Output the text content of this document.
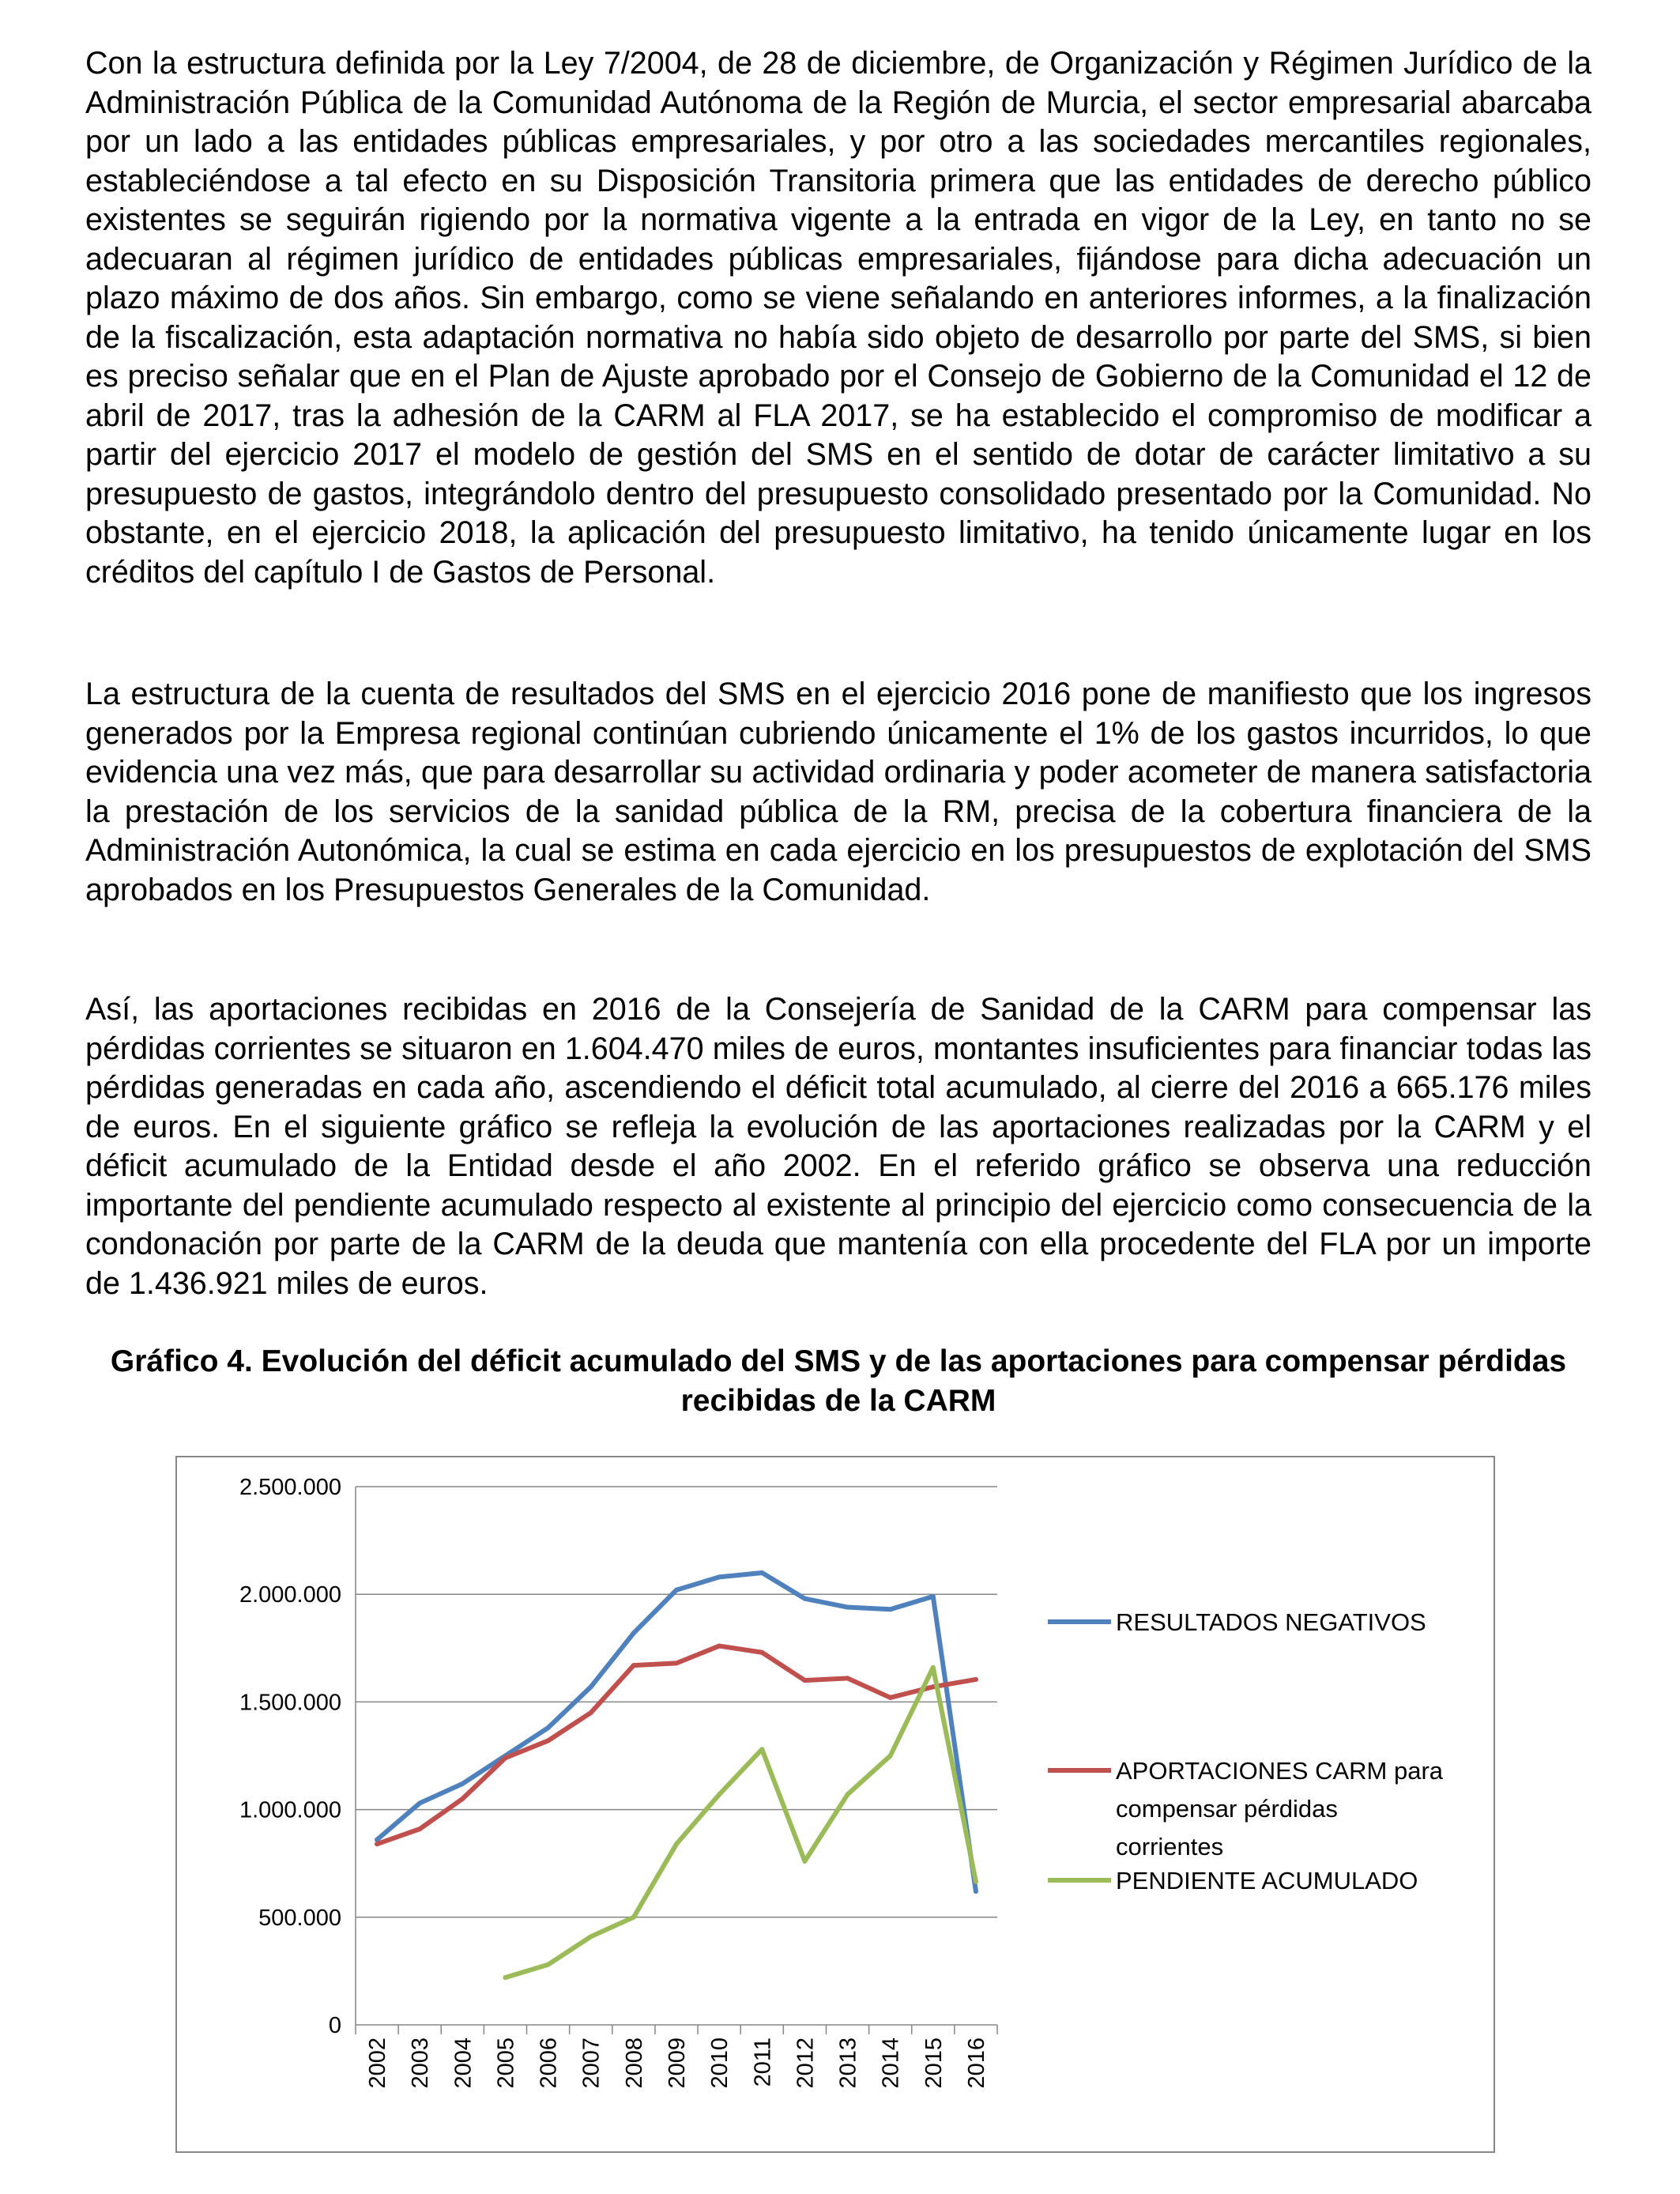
Con la estructura definida por la Ley 7/2004, de 28 de diciembre, de Organización y Régimen Jurídico de la Administración Pública de la Comunidad Autónoma de la Región de Murcia, el sector empresarial abarcaba por un lado a las entidades públicas empresariales, y por otro a las sociedades mercantiles regionales, estableciéndose a tal efecto en su Disposición Transitoria primera que las entidades de derecho público existentes se seguirán rigiendo por la normativa vigente a la entrada en vigor de la Ley, en tanto no se adecuaran al régimen jurídico de entidades públicas empresariales, fijándose para dicha adecuación un plazo máximo de dos años. Sin embargo, como se viene señalando en anteriores informes, a la finalización de la fiscalización, esta adaptación normativa no había sido objeto de desarrollo por parte del SMS, si bien es preciso señalar que en el Plan de Ajuste aprobado por el Consejo de Gobierno de la Comunidad el 12 de abril de 2017, tras la adhesión de la CARM al FLA 2017, se ha establecido el compromiso de modificar a partir del ejercicio 2017 el modelo de gestión del SMS en el sentido de dotar de carácter limitativo a su presupuesto de gastos, integrándolo dentro del presupuesto consolidado presentado por la Comunidad. No obstante, en el ejercicio 2018, la aplicación del presupuesto limitativo, ha tenido únicamente lugar en los créditos del capítulo I de Gastos de Personal.

La estructura de la cuenta de resultados del SMS en el ejercicio 2016 pone de manifiesto que los ingresos generados por la Empresa regional continúan cubriendo únicamente el 1% de los gastos incurridos, lo que evidencia una vez más, que para desarrollar su actividad ordinaria y poder acometer de manera satisfactoria la prestación de los servicios de la sanidad pública de la RM, precisa de la cobertura financiera de la Administración Autonómica, la cual se estima en cada ejercicio en los presupuestos de explotación del SMS aprobados en los Presupuestos Generales de la Comunidad.

Así, las aportaciones recibidas en 2016 de la Consejería de Sanidad de la CARM para compensar las pérdidas corrientes se situaron en 1.604.470 miles de euros, montantes insuficientes para financiar todas las pérdidas generadas en cada año, ascendiendo el déficit total acumulado, al cierre del 2016 a 665.176 miles de euros. En el siguiente gráfico se refleja la evolución de las aportaciones realizadas por la CARM y el déficit acumulado de la Entidad desde el año 2002. En el referido gráfico se observa una reducción importante del pendiente acumulado respecto al existente al principio del ejercicio como consecuencia de la condonación por parte de la CARM de la deuda que mantenía con ella procedente del FLA por un importe de 1.436.921 miles de euros.

Gráfico 4. Evolución del déficit acumulado del SMS y de las aportaciones para compensar pérdidas recibidas de la CARM

0
500.000
1.000.000
1.500.000
2.000.000
2.500.000
2002 2003 2004 2005 2006 2007 2008 2009 2010 2011 2012 2013 2014 2015 2016
RESULTADOS NEGATIVOS
APORTACIONES CARM para
compensar pérdidas
corrientes
PENDIENTE ACUMULADO
